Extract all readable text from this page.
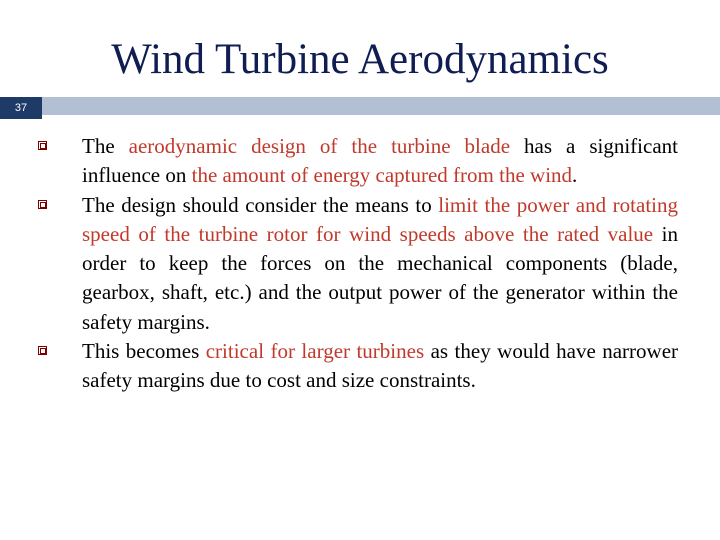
Wind Turbine Aerodynamics
37
The aerodynamic design of the turbine blade has a significant influence on the amount of energy captured from the wind.
The design should consider the means to limit the power and rotating speed of the turbine rotor for wind speeds above the rated value in order to keep the forces on the mechanical components (blade, gearbox, shaft, etc.) and the output power of the generator within the safety margins.
This becomes critical for larger turbines as they would have narrower safety margins due to cost and size constraints.
